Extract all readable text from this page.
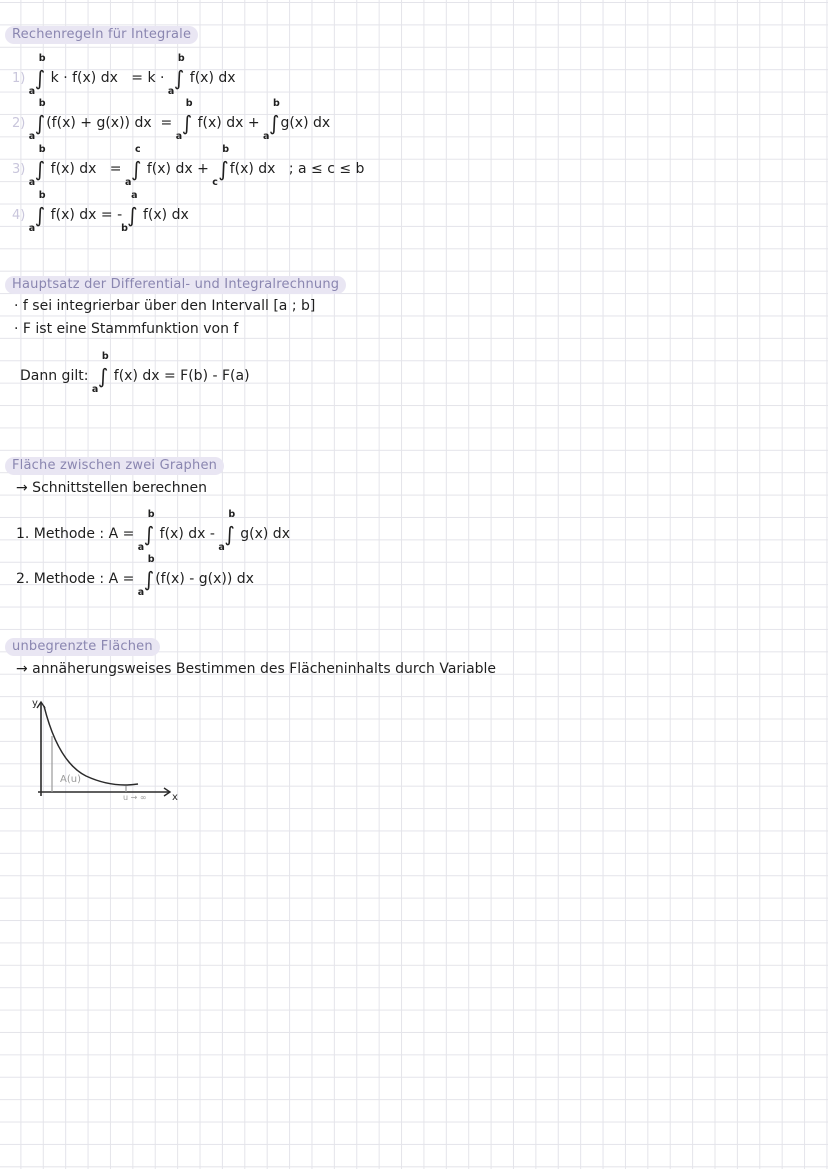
Rechenregeln für Integrale
1) ∫
b
a
k · f(x) dx = k · ∫
b
a
f(x) dx
2) ∫
b
a
(f(x) + g(x)) dx = ∫
b
a
f(x) dx + ∫
b
a
g(x) dx
3) ∫
b
a
f(x) dx = ∫
c
a
f(x) dx + ∫
b
c
f(x) dx ; a ≤ c ≤ b
4) ∫
b
a
f(x) dx = - ∫
a
b
f(x) dx
Hauptsatz der Differential- und Integralrechnung
· f sei integrierbar über den Intervall [a ; b]
· F ist eine Stammfunktion von f
Dann gilt: ∫
b
a
f(x) dx = F(b) - F(a)
Fläche zwischen zwei Graphen
→ Schnittstellen berechnen
1. Methode : A = ∫
b
a
f(x) dx - ∫
b
a
g(x) dx
2. Methode : A = ∫
b
a
(f(x) - g(x)) dx
unbegrenzte Flächen
→ annäherungsweises Bestimmen des Flächeninhalts durch Variable
y
x
A(u)
u → ∞
